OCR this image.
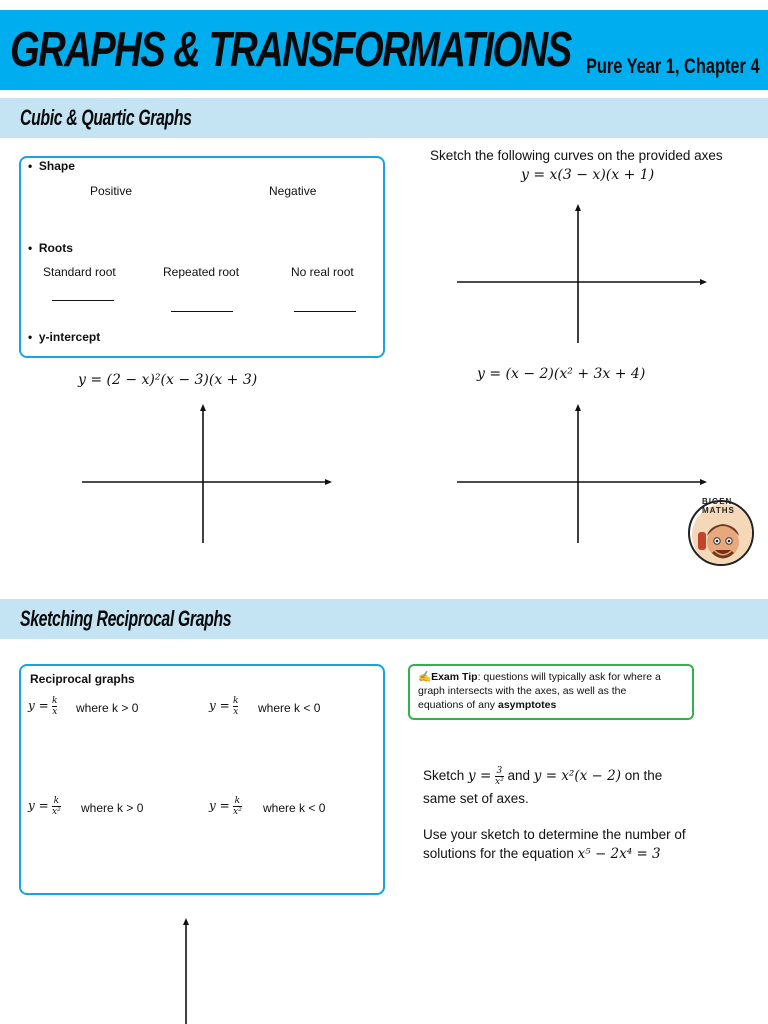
GRAPHS & TRANSFORMATIONS Pure Year 1, Chapter 4
Cubic & Quartic Graphs
•  Shape
Positive	Negative
•  Roots
Standard root	Repeated root	No real root
•  y-intercept
Sketch the following curves on the provided axes
y = x(3 − x)(x + 1)
y = (2 − x)²(x − 3)(x + 3)	y = (x − 2)(x² + 3x + 4)
BIGEN MATHS
Sketching Reciprocal Graphs
Reciprocal graphs
$y = \frac{k}{x}$ where k > 0	$y = \frac{k}{x}$ where k < 0
$y = \frac{k}{\text{x²}}$ where k > 0	$y = \frac{k}{\text{x²}}$ where k < 0
✍Exam Tip: questions will typically ask for where a
graph intersects with the axes, as well as the
equations of any asymptotes
Sketch $y = \frac{3}{\text{x²}}$ and y = x²(x − 2) on the
same set of axes.
Use your sketch to determine the number of
solutions for the equation x⁵ − 2x⁴ = 3
